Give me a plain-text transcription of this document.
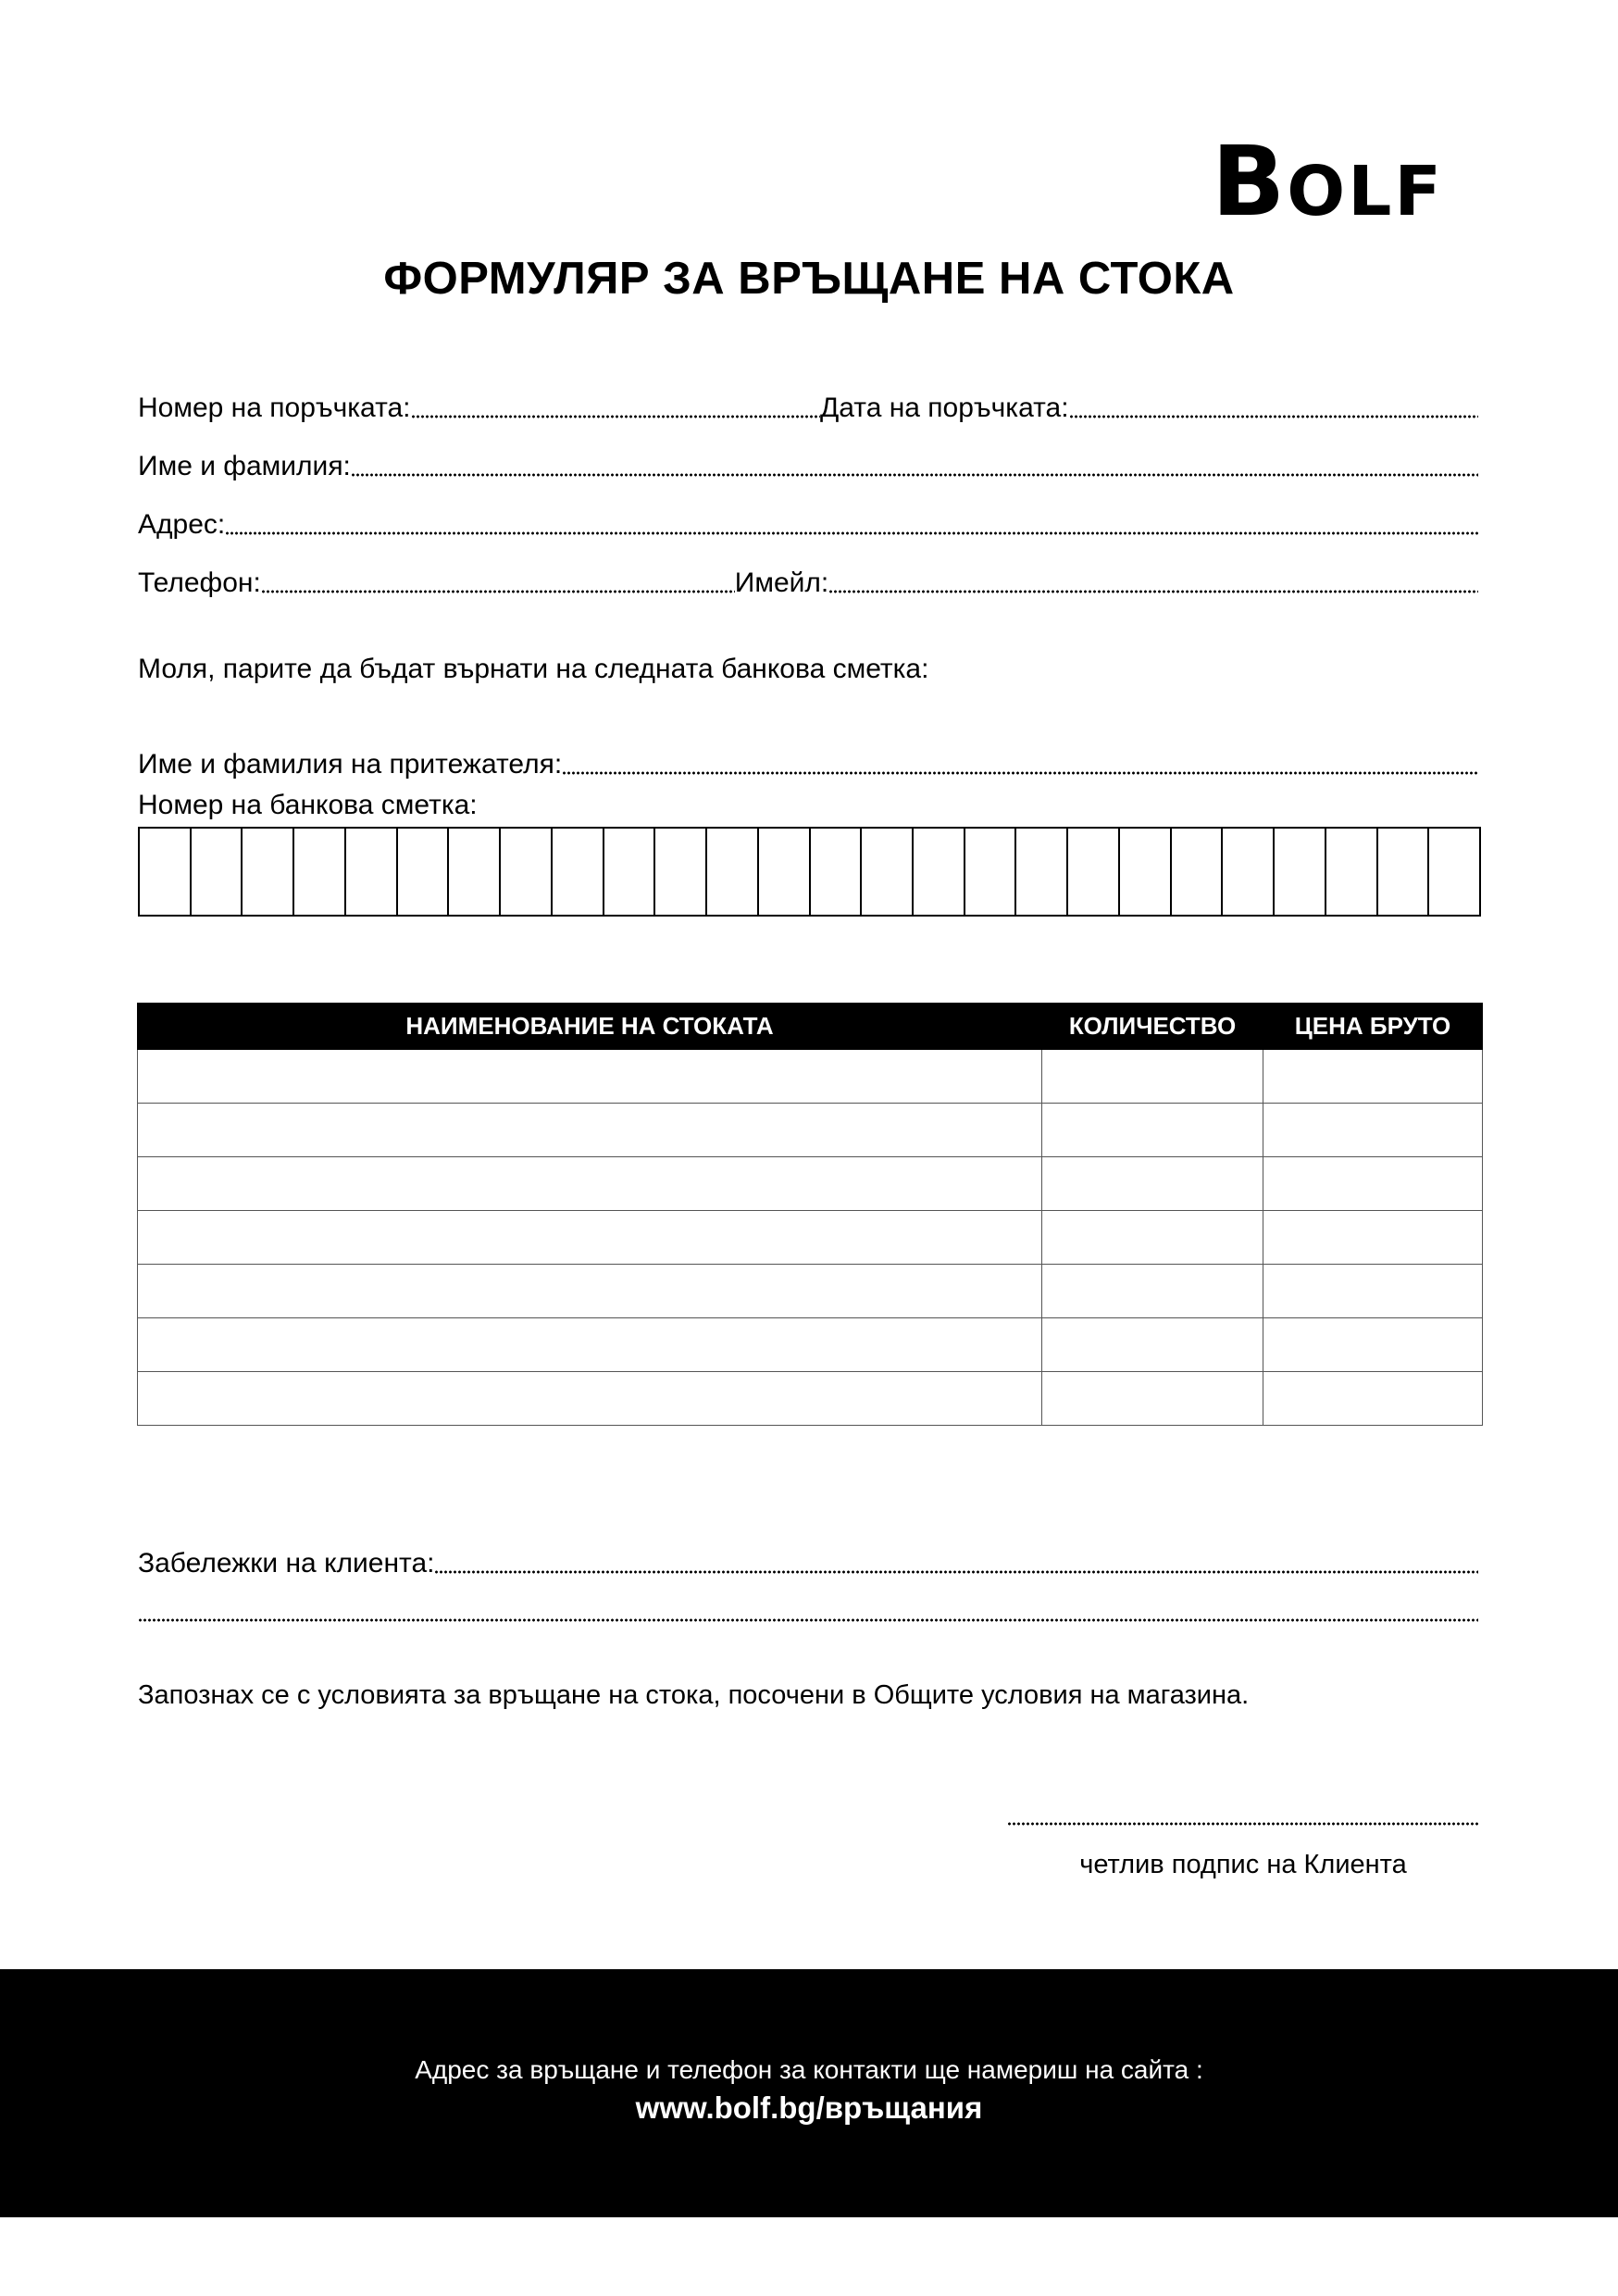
BOLF
ФОРМУЛЯР ЗА ВРЪЩАНЕ НА СТОКА
Номер на поръчката:	Дата на поръчката:
Име и фамилия:
Адрес:
Телефон:	Имейл:
Моля, парите да бъдат върнати на следната банкова сметка:
Име и фамилия на притежателя:
Номер на банкова сметка:
НАИМЕНОВАНИЕ НА СТОКАТА	КОЛИЧЕСТВО	ЦЕНА БРУТО

Забележки на клиента:
Запознах се с условията за връщане на стока, посочени в Общите условия на магазина.
четлив подпис на Клиента
Адрес за връщане и телефон за контакти ще намериш на сайта :
www.bolf.bg/връщания
